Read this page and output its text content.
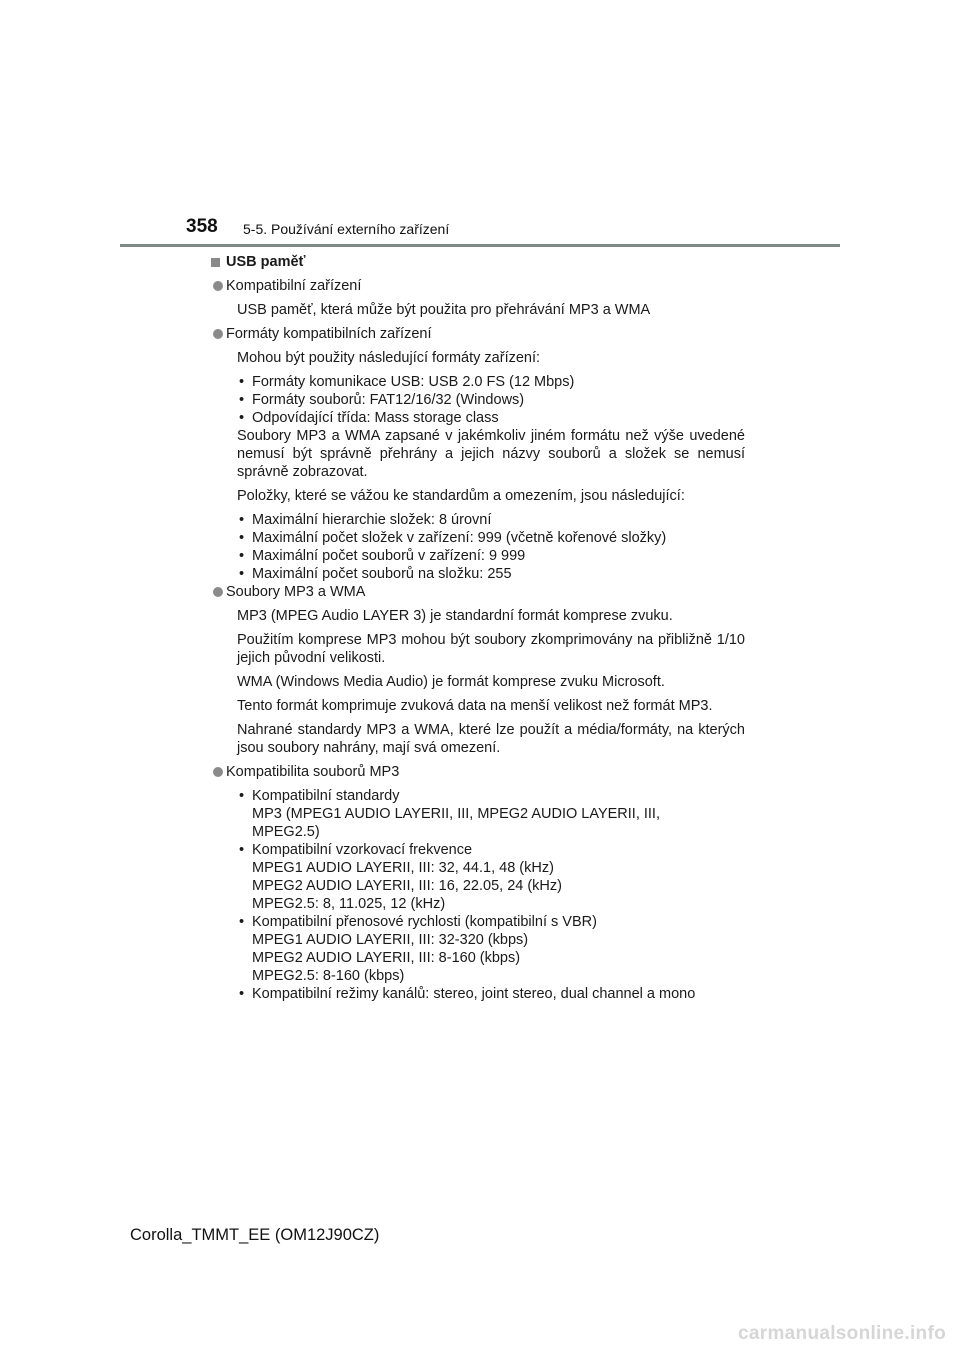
358 5-5. Používání externího zařízení
USB paměť
Kompatibilní zařízení
USB paměť, která může být použita pro přehrávání MP3 a WMA
Formáty kompatibilních zařízení
Mohou být použity následující formáty zařízení:
• Formáty komunikace USB: USB 2.0 FS (12 Mbps)
• Formáty souborů: FAT12/16/32 (Windows)
• Odpovídající třída: Mass storage class
Soubory MP3 a WMA zapsané v jakémkoliv jiném formátu než výše uvedené nemusí být správně přehrány a jejich názvy souborů a složek se nemusí správně zobrazovat.
Položky, které se vážou ke standardům a omezením, jsou následující:
• Maximální hierarchie složek: 8 úrovní
• Maximální počet složek v zařízení: 999 (včetně kořenové složky)
• Maximální počet souborů v zařízení: 9 999
• Maximální počet souborů na složku: 255
Soubory MP3 a WMA
MP3 (MPEG Audio LAYER 3) je standardní formát komprese zvuku.
Použitím komprese MP3 mohou být soubory zkomprimovány na přibližně 1/10 jejich původní velikosti.
WMA (Windows Media Audio) je formát komprese zvuku Microsoft.
Tento formát komprimuje zvuková data na menší velikost než formát MP3.
Nahrané standardy MP3 a WMA, které lze použít a média/formáty, na kterých jsou soubory nahrány, mají svá omezení.
Kompatibilita souborů MP3
• Kompatibilní standardy
MP3 (MPEG1 AUDIO LAYERII, III, MPEG2 AUDIO LAYERII, III,
MPEG2.5)
• Kompatibilní vzorkovací frekvence
MPEG1 AUDIO LAYERII, III: 32, 44.1, 48 (kHz)
MPEG2 AUDIO LAYERII, III: 16, 22.05, 24 (kHz)
MPEG2.5: 8, 11.025, 12 (kHz)
• Kompatibilní přenosové rychlosti (kompatibilní s VBR)
MPEG1 AUDIO LAYERII, III: 32-320 (kbps)
MPEG2 AUDIO LAYERII, III: 8-160 (kbps)
MPEG2.5: 8-160 (kbps)
• Kompatibilní režimy kanálů: stereo, joint stereo, dual channel a mono
Corolla_TMMT_EE (OM12J90CZ)
carmanualsonline.info
